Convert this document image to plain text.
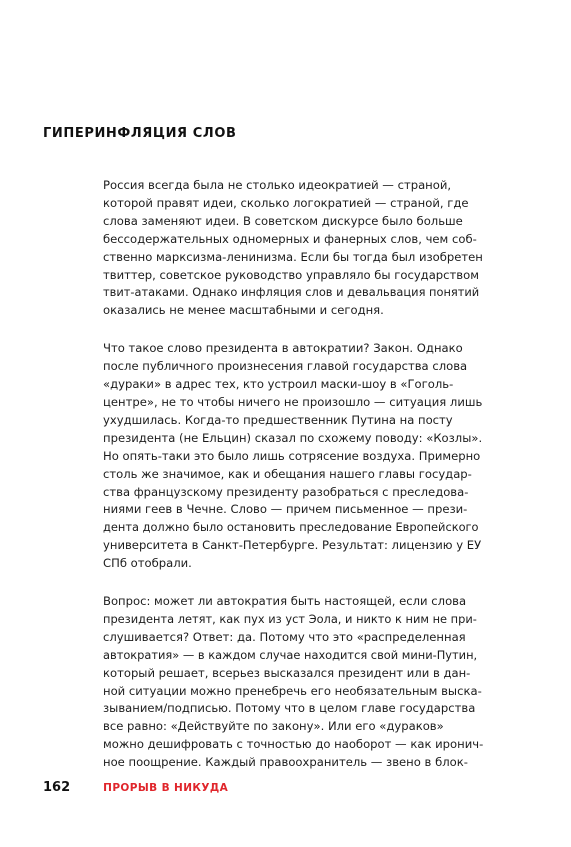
ГИПЕРИНФЛЯЦИЯ СЛОВ

Россия всегда была не столько идеократией — страной,
которой правят идеи, сколько логократией — страной, где
слова заменяют идеи. В советском дискурсе было больше
бессодержательных одномерных и фанерных слов, чем соб-
ственно марксизма-ленинизма. Если бы тогда был изобретен
твиттер, советское руководство управляло бы государством
твит-атаками. Однако инфляция слов и девальвация понятий
оказались не менее масштабными и сегодня.

Что такое слово президента в автократии? Закон. Однако
после публичного произнесения главой государства слова
«дураки» в адрес тех, кто устроил маски-шоу в «Гоголь-
центре», не то чтобы ничего не произошло — ситуация лишь
ухудшилась. Когда-то предшественник Путина на посту
президента (не Ельцин) сказал по схожему поводу: «Козлы».
Но опять-таки это было лишь сотрясение воздуха. Примерно
столь же значимое, как и обещания нашего главы государ-
ства французскому президенту разобраться с преследова-
ниями геев в Чечне. Слово — причем письменное — прези-
дента должно было остановить преследование Европейского
университета в Санкт-Петербурге. Результат: лицензию у ЕУ
СПб отобрали.

Вопрос: может ли автократия быть настоящей, если слова
президента летят, как пух из уст Эола, и никто к ним не при-
слушивается? Ответ: да. Потому что это «распределенная
автократия» — в каждом случае находится свой мини-Путин,
который решает, всерьез высказался президент или в дан-
ной ситуации можно пренебречь его необязательным выска-
зыванием/подписью. Потому что в целом главе государства
все равно: «Действуйте по закону». Или его «дураков»
можно дешифровать с точностью до наоборот — как иронич-
ное поощрение. Каждый правоохранитель — звено в блок-

162	ПРОРЫВ В НИКУДА
